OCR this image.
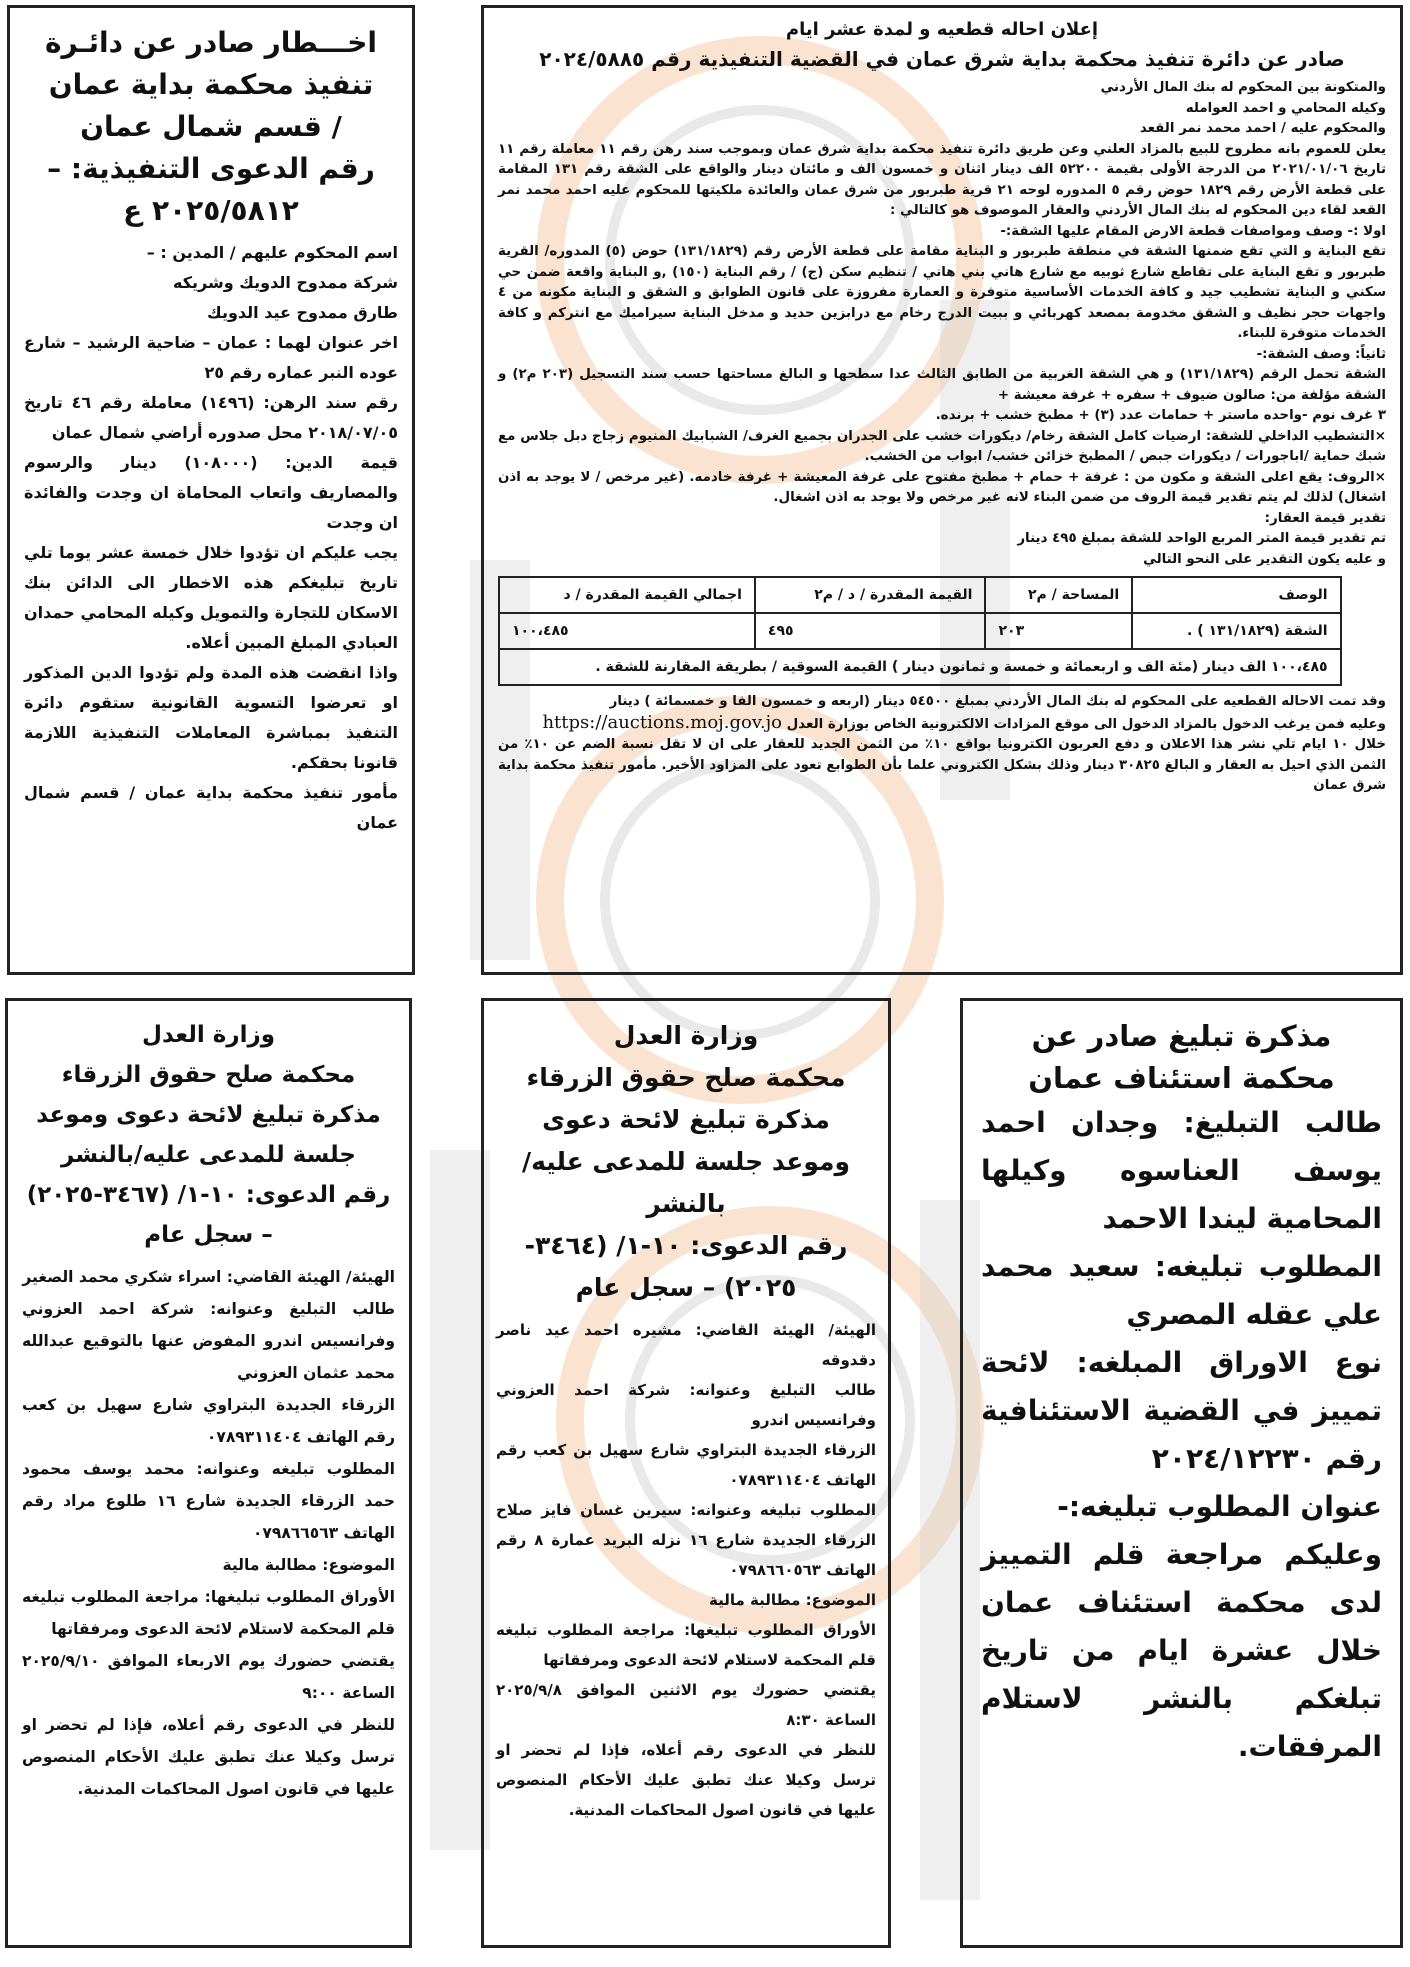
اخـــطار صادر عن دائـرة

تنفيذ محكمة بداية عمان

/ قسم شمال عمان

رقم الدعوى التنفيذية: –

٢٠٢٥/٥٨١٢ ع

اسم المحكوم عليهم / المدين : –

شركة ممدوح الدويك وشريكه

طارق ممدوح عيد الدويك

اخر عنوان لهما : عمان – ضاحية الرشيد – شارع عوده النبر عماره رقم ٢٥

رقم سند الرهن: (١٤٩٦) معاملة رقم ٤٦ تاريخ ٢٠١٨/٠٧/٠٥ محل صدوره أراضي شمال عمان

قيمة الدين: (١٠٨٠٠٠) دينار والرسوم والمصاريف واتعاب المحاماة ان وجدت والفائدة ان وجدت

يجب عليكم ان تؤدوا خلال خمسة عشر يوما تلي تاريخ تبليغكم هذه الاخطار الى الدائن بنك الاسكان للتجارة والتمويل وكيله المحامي حمدان العبادي المبلغ المبين أعلاه.

واذا انقضت هذه المدة ولم تؤدوا الدين المذكور او تعرضوا التسوية القانونية ستقوم دائرة التنفيذ بمباشرة المعاملات التنفيذية اللازمة قانونا بحقكم.

مأمور تنفيذ محكمة بداية عمان / قسم شمال عمان

إعلان احاله قطعيه و لمدة عشر ايام

صادر عن دائرة تنفيذ محكمة بداية شرق عمان في القضية التنفيذية رقم ٢٠٢٤/٥٨٨٥

والمتكونة بين المحكوم له بنك المال الأردني

وكيله المحامي و احمد العوامله

والمحكوم عليه / احمد محمد نمر القعد

يعلن للعموم بانه مطروح للبيع بالمزاد العلني وعن طريق دائرة تنفيذ محكمة بداية شرق عمان وبموجب سند رهن رقم ١١ معاملة رقم ١١ تاريخ ٢٠٢١/٠١/٠٦ من الدرجة الأولى بقيمة ٥٢٢٠٠ الف دينار اثنان و خمسون الف و مائتان دينار والواقع على الشقة رقم ١٣١ المقامة على قطعة الأرض رقم ١٨٢٩ حوض رقم ٥ المدوره لوحه ٢١ قرية طبربور من شرق عمان والعائدة ملكيتها للمحكوم عليه احمد محمد نمر القعد لقاء دين المحكوم له بنك المال الأردني والعقار الموصوف هو كالتالي :

اولا :- وصف ومواصفات قطعة الارض المقام عليها الشقة:-

تقع البناية و التي تقع ضمنها الشقة في منطقة طبربور و البناية مقامة على قطعة الأرض رقم (١٣١/١٨٢٩) حوض (٥) المدوره/ القرية طبربور و تقع البناية على تقاطع شارع ثوبيه مع شارع هاني بني هاني / تنظيم سكن (ج) / رقم البناية (١٥٠) ,و البناية واقعة ضمن حي سكني و البناية تشطيب جيد و كافة الخدمات الأساسية متوفرة و العمارة مفروزة على قانون الطوابق و الشقق و البناية مكونه من ٤ واجهات حجر نظيف و الشقق مخدومة بمصعد كهربائي و ببيت الدرج رخام مع درابزين حديد و مدخل البناية سيراميك مع انتركم و كافة الخدمات متوفرة للبناء.

ثانياً: وصف الشقة:-

الشقة تحمل الرقم (١٣١/١٨٢٩) و هي الشقة الغربية من الطابق الثالث عدا سطحها و البالغ مساحتها حسب سند التسجيل (٢٠٣ م٢) و الشقة مؤلفة من: صالون ضيوف + سفره + غرفة معيشة +

٣ غرف نوم -واحده ماستر + حمامات عدد (٣) + مطبخ خشب + برنده.

×التشطيب الداخلي للشقة: ارضيات كامل الشقة رخام/ ديكورات خشب على الجدران بجميع الغرف/ الشبابيك المنيوم زجاج دبل جلاس مع شبك حماية /اباجورات / ديكورات جبص / المطبخ خزائن خشب/ ابواب من الخشب.

×الروف: يقع اعلى الشقة و مكون من : غرفة + حمام + مطبخ مفتوح على غرفة المعيشة + غرفة خادمه. (غير مرخص / لا يوجد به اذن اشغال) لذلك لم يتم تقدير قيمة الروف من ضمن البناء لانه غير مرخص ولا يوجد به اذن اشغال.

تقدير قيمة العقار:

تم تقدير قيمة المتر المربع الواحد للشقة بمبلغ ٤٩٥ دينار

و عليه يكون التقدير على النحو التالي

الوصف	المساحة / م٢	القيمة المقدرة / د / م٢	اجمالي القيمة المقدرة / د
الشقة (١٣١/١٨٢٩ ) .	٢٠٣	٤٩٥	١٠٠،٤٨٥
١٠٠،٤٨٥ الف دينار (مئة الف و اربعمائة و خمسة و ثمانون دينار ) القيمة السوقية / بطريقة المقارنة للشقة .			

وقد تمت الاحاله القطعيه على المحكوم له بنك المال الأردني بمبلغ ٥٤٥٠٠ دينار (اربعه و خمسون الفا و خمسمائة ) دينار

وعليه فمن يرغب الدخول بالمزاد الدخول الى موقع المزادات الالكترونية الخاص بوزارة العدل https://auctions.moj.gov.jo

خلال ١٠ ايام تلي نشر هذا الاعلان و دفع العربون الكترونيا بواقع ١٠٪ من الثمن الجديد للعقار على ان لا تقل نسبة الضم عن ١٠٪ من الثمن الذي احيل به العقار و البالغ ٣٠٨٢٥ دينار وذلك بشكل الكتروني علما بأن الطوابع تعود على المزاود الأخير. مأمور تنفيذ محكمة بداية شرق عمان

وزارة العدل

محكمة صلح حقوق الزرقاء

مذكرة تبليغ لائحة دعوى وموعد

جلسة للمدعى عليه/بالنشر

رقم الدعوى: ١٠-١/ (٣٤٦٧-٢٠٢٥)

– سجل عام

الهيئة/ الهيئة القاضي: اسراء شكري محمد الصغير

طالب التبليغ وعنوانه: شركة احمد العزوني وفرانسيس اندرو المفوض عنها بالتوقيع عبدالله محمد عثمان العزوني

الزرقاء الجديدة البتراوي شارع سهيل بن كعب رقم الهاتف ٠٧٨٩٣١١٤٠٤

المطلوب تبليغه وعنوانه: محمد يوسف محمود حمد الزرقاء الجديدة شارع ١٦ طلوع مراد رقم الهاتف ٠٧٩٨٦٦٥٦٣

الموضوع: مطالبة مالية

الأوراق المطلوب تبليغها: مراجعة المطلوب تبليغه قلم المحكمة لاستلام لائحة الدعوى ومرفقاتها

يقتضي حضورك يوم الاربعاء الموافق ٢٠٢٥/٩/١٠ الساعة ٩:٠٠

للنظر في الدعوى رقم أعلاه، فإذا لم تحضر او ترسل وكيلا عنك تطبق عليك الأحكام المنصوص عليها في قانون اصول المحاكمات المدنية.

وزارة العدل

محكمة صلح حقوق الزرقاء

مذكرة تبليغ لائحة دعوى

وموعد جلسة للمدعى عليه/

بالنشر

رقم الدعوى: ١٠-١/ (٣٤٦٤-

٢٠٢٥) – سجل عام

الهيئة/ الهيئة القاضي: مشيره احمد عيد ناصر دقدوقه

طالب التبليغ وعنوانه: شركة احمد العزوني وفرانسيس اندرو

الزرقاء الجديدة البتراوي شارع سهيل بن كعب رقم الهاتف ٠٧٨٩٣١١٤٠٤

المطلوب تبليغه وعنوانه: سيرين غسان فايز صلاح الزرقاء الجديدة شارع ١٦ نزله البريد عمارة ٨ رقم الهاتف ٠٧٩٨٦٦٠٥٦٣

الموضوع: مطالبة مالية

الأوراق المطلوب تبليغها: مراجعة المطلوب تبليغه قلم المحكمة لاستلام لائحة الدعوى ومرفقاتها

يقتضي حضورك يوم الاثنين الموافق ٢٠٢٥/٩/٨ الساعة ٨:٣٠

للنظر في الدعوى رقم أعلاه، فإذا لم تحضر او ترسل وكيلا عنك تطبق عليك الأحكام المنصوص عليها في قانون اصول المحاكمات المدنية.

مذكرة تبليغ صادر عن

محكمة استئناف عمان

طالب التبليغ: وجدان احمد يوسف العناسوه وكيلها المحامية ليندا الاحمد

المطلوب تبليغه: سعيد محمد علي عقله المصري

نوع الاوراق المبلغه: لائحة تمييز في القضية الاستئنافية رقم ٢٠٢٤/١٢٢٣٠

عنوان المطلوب تبليغه:-

وعليكم مراجعة قلم التمييز لدى محكمة استئناف عمان خلال عشرة ايام من تاريخ تبلغكم بالنشر لاستلام المرفقات.
